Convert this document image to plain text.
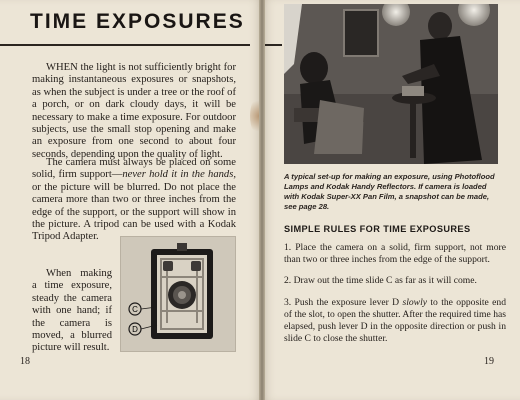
TIME EXPOSURES

WHEN the light is not sufficiently bright for making instantaneous exposures or snapshots, as when the subject is under a tree or the roof of a porch, or on dark cloudy days, it will be necessary to make a time exposure. For outdoor subjects, use the small stop opening and make an exposure from one second to about four seconds, depending upon the quality of light.

The camera must always be placed on some solid, firm support—never hold it in the hands, or the picture will be blurred. Do not place the camera more than two or three inches from the edge of the support, or the support will show in the picture. A tripod can be used with a Kodak Tripod Adapter.

When making a time exposure, steady the camera with one hand; if the camera is moved, a blurred picture will result.

C
D
18
A typical set-up for making an exposure, using Photoflood Lamps and Kodak Handy Reflectors. If camera is loaded with Kodak Super-XX Pan Film, a snapshot can be made, see page 28.
SIMPLE RULES FOR TIME EXPOSURES

1. Place the camera on a solid, firm support, not more than two or three inches from the edge of the support.

2. Draw out the time slide C as far as it will come.

3. Push the exposure lever D slowly to the opposite end of the slot, to open the shutter. After the required time has elapsed, push lever D in the opposite direction or push in slide C to close the shutter.

19
